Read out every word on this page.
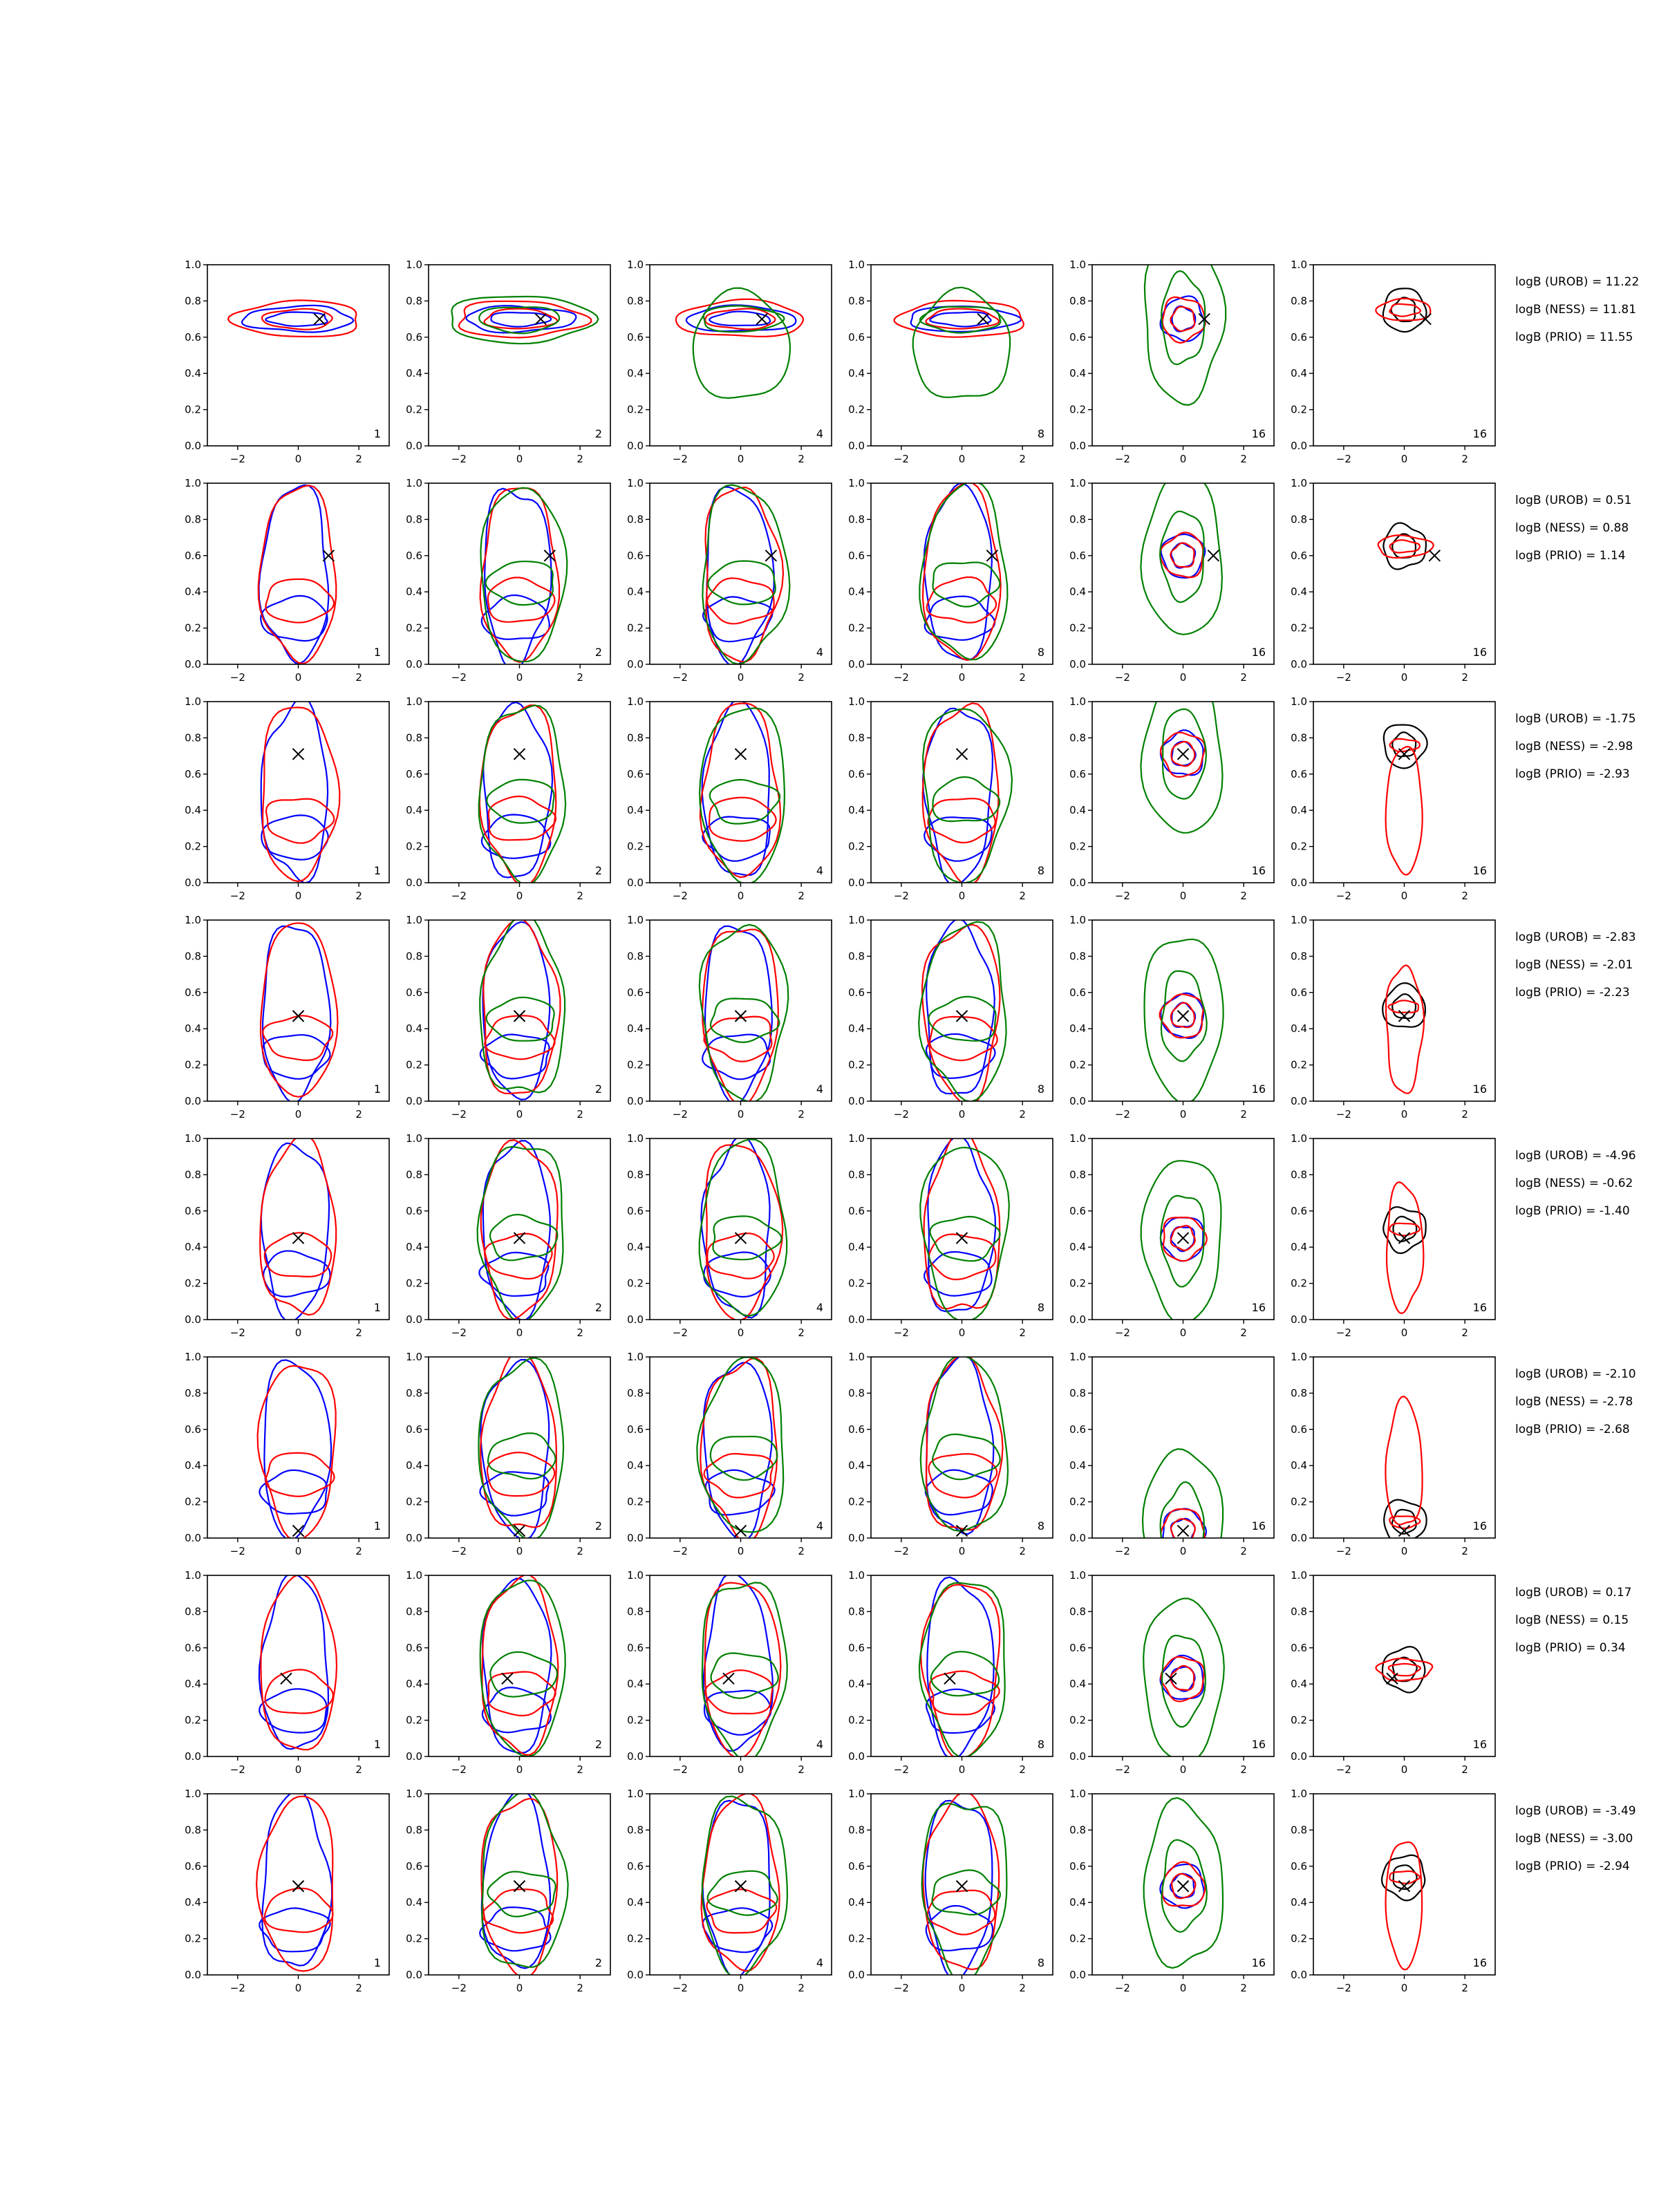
0.0
0.2
0.4
0.6
0.8
1.0
−2	0	2
1
0.0
0.2
0.4
0.6
0.8
1.0
−2	0	2
2
0.0
0.2
0.4
0.6
0.8
1.0
−2	0	2
4
0.0
0.2
0.4
0.6
0.8
1.0
−2	0	2
8
0.0
0.2
0.4
0.6
0.8
1.0
−2	0	2
16
0.0
0.2
0.4
0.6
0.8
1.0
−2	0	2
16
logB (UROB) = 11.22
logB (NESS) = 11.81
logB (PRIO) = 11.55
0.0
0.2
0.4
0.6
0.8
1.0
−2	0	2
1
0.0
0.2
0.4
0.6
0.8
1.0
−2	0	2
2
0.0
0.2
0.4
0.6
0.8
1.0
−2	0	2
4
0.0
0.2
0.4
0.6
0.8
1.0
−2	0	2
8
0.0
0.2
0.4
0.6
0.8
1.0
−2	0	2
16
0.0
0.2
0.4
0.6
0.8
1.0
−2	0	2
16
logB (UROB) = 0.51
logB (NESS) = 0.88
logB (PRIO) = 1.14
0.0
0.2
0.4
0.6
0.8
1.0
−2	0	2
1
0.0
0.2
0.4
0.6
0.8
1.0
−2	0	2
2
0.0
0.2
0.4
0.6
0.8
1.0
−2	0	2
4
0.0
0.2
0.4
0.6
0.8
1.0
−2	0	2
8
0.0
0.2
0.4
0.6
0.8
1.0
−2	0	2
16
0.0
0.2
0.4
0.6
0.8
1.0
−2	0	2
16
logB (UROB) = -1.75
logB (NESS) = -2.98
logB (PRIO) = -2.93
0.0
0.2
0.4
0.6
0.8
1.0
−2	0	2
1
0.0
0.2
0.4
0.6
0.8
1.0
−2	0	2
2
0.0
0.2
0.4
0.6
0.8
1.0
−2	0	2
4
0.0
0.2
0.4
0.6
0.8
1.0
−2	0	2
8
0.0
0.2
0.4
0.6
0.8
1.0
−2	0	2
16
0.0
0.2
0.4
0.6
0.8
1.0
−2	0	2
16
logB (UROB) = -2.83
logB (NESS) = -2.01
logB (PRIO) = -2.23
0.0
0.2
0.4
0.6
0.8
1.0
−2	0	2
1
0.0
0.2
0.4
0.6
0.8
1.0
−2	0	2
2
0.0
0.2
0.4
0.6
0.8
1.0
−2	0	2
4
0.0
0.2
0.4
0.6
0.8
1.0
−2	0	2
8
0.0
0.2
0.4
0.6
0.8
1.0
−2	0	2
16
0.0
0.2
0.4
0.6
0.8
1.0
−2	0	2
16
logB (UROB) = -4.96
logB (NESS) = -0.62
logB (PRIO) = -1.40
0.0
0.2
0.4
0.6
0.8
1.0
−2	0	2
1
0.0
0.2
0.4
0.6
0.8
1.0
−2	0	2
2
0.0
0.2
0.4
0.6
0.8
1.0
−2	0	2
4
0.0
0.2
0.4
0.6
0.8
1.0
−2	0	2
8
0.0
0.2
0.4
0.6
0.8
1.0
−2	0	2
16
0.0
0.2
0.4
0.6
0.8
1.0
−2	0	2
16
logB (UROB) = -2.10
logB (NESS) = -2.78
logB (PRIO) = -2.68
0.0
0.2
0.4
0.6
0.8
1.0
−2	0	2
1
0.0
0.2
0.4
0.6
0.8
1.0
−2	0	2
2
0.0
0.2
0.4
0.6
0.8
1.0
−2	0	2
4
0.0
0.2
0.4
0.6
0.8
1.0
−2	0	2
8
0.0
0.2
0.4
0.6
0.8
1.0
−2	0	2
16
0.0
0.2
0.4
0.6
0.8
1.0
−2	0	2
16
logB (UROB) = 0.17
logB (NESS) = 0.15
logB (PRIO) = 0.34
0.0
0.2
0.4
0.6
0.8
1.0
−2	0	2
1
0.0
0.2
0.4
0.6
0.8
1.0
−2	0	2
2
0.0
0.2
0.4
0.6
0.8
1.0
−2	0	2
4
0.0
0.2
0.4
0.6
0.8
1.0
−2	0	2
8
0.0
0.2
0.4
0.6
0.8
1.0
−2	0	2
16
0.0
0.2
0.4
0.6
0.8
1.0
−2	0	2
16
logB (UROB) = -3.49
logB (NESS) = -3.00
logB (PRIO) = -2.94
